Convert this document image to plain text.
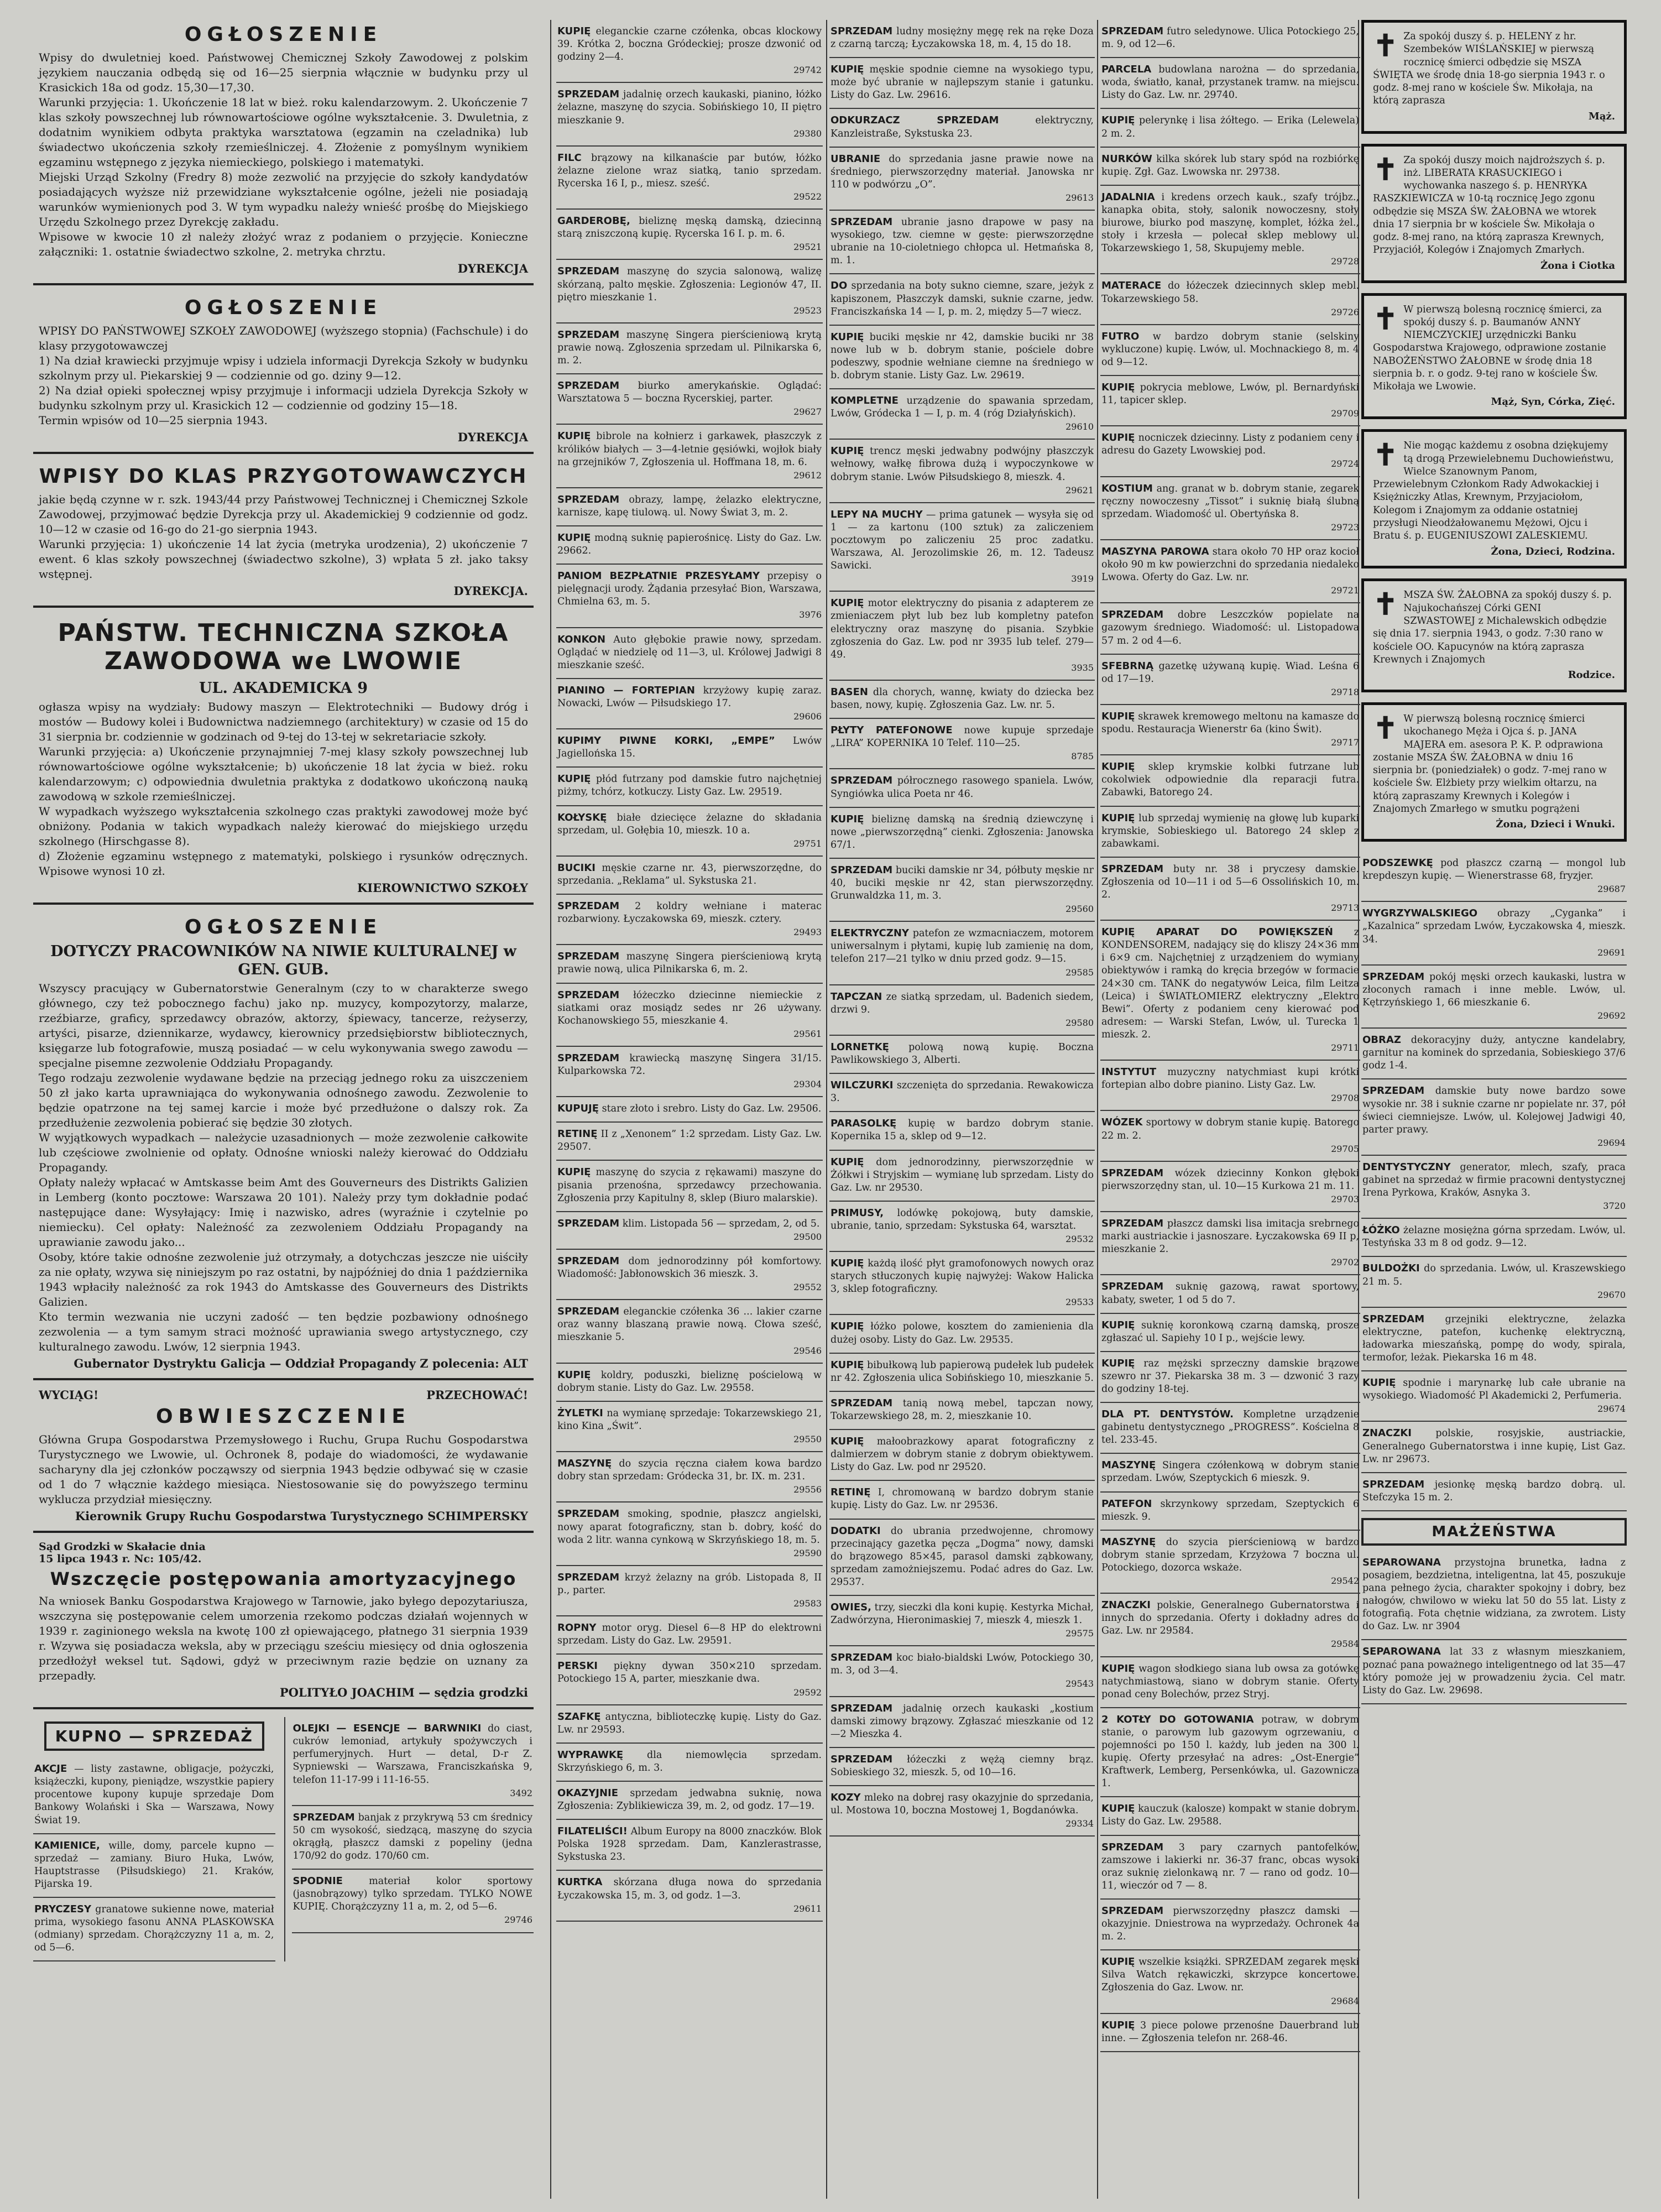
OGŁOSZENIE

Wpisy do dwuletniej koed. Państwowej Chemicznej Szkoły Zawodowej z polskim językiem nauczania odbędą się od 16—25 sierpnia włącznie w budynku przy ul Krasickich 18a od godz. 15,30—17,30.

Warunki przyjęcia: 1. Ukończenie 18 lat w bież. roku kalendarzowym. 2. Ukończenie 7 klas szkoły powszechnej lub równowartościowe ogólne wykształcenie. 3. Dwuletnia, z dodatnim wynikiem odbyta praktyka warsztatowa (egzamin na czeladnika) lub świadectwo ukończenia szkoły rzemieślniczej. 4. Złożenie z pomyślnym wynikiem egzaminu wstępnego z języka niemieckiego, polskiego i matematyki.

Miejski Urząd Szkolny (Fredry 8) może zezwolić na przyjęcie do szkoły kandydatów posiadających wyższe niż przewidziane wykształcenie ogólne, jeżeli nie posiadają warunków wymienionych pod 3. W tym wypadku należy wnieść prośbę do Miejskiego Urzędu Szkolnego przez Dyrekcję zakładu.

Wpisowe w kwocie 10 zł należy złożyć wraz z podaniem o przyjęcie. Konieczne załączniki: 1. ostatnie świadectwo szkolne, 2. metryka chrztu.

DYREKCJA
OGŁOSZENIE

WPISY DO PAŃSTWOWEJ SZKOŁY ZAWODOWEJ (wyższego stopnia) (Fachschule) i do klasy przygotowawczej

1) Na dział krawiecki przyjmuje wpisy i udziela informacji Dyrekcja Szkoły w budynku szkolnym przy ul. Piekarskiej 9 — codziennie od go. dziny 9—12.

2) Na dział opieki społecznej wpisy przyjmuje i informacji udziela Dyrekcja Szkoły w budynku szkolnym przy ul. Krasickich 12 — codziennie od godziny 15—18.

Termin wpisów od 10—25 sierpnia 1943.

DYREKCJA
WPISY DO KLAS PRZYGOTOWAWCZYCH

jakie będą czynne w r. szk. 1943/44 przy Państwowej Technicznej i Chemicznej Szkole Zawodowej, przyjmować będzie Dyrekcja przy ul. Akademickiej 9 codziennie od godz. 10—12 w czasie od 16-go do 21-go sierpnia 1943.

Warunki przyjęcia: 1) ukończenie 14 lat życia (metryka urodzenia), 2) ukończenie 7 ewent. 6 klas szkoły powszechnej (świadectwo szkolne), 3) wpłata 5 zł. jako taksy wstępnej.

DYREKCJA.
PAŃSTW. TECHNICZNA SZKOŁA ZAWODOWA we LWOWIE
UL. AKADEMICKA 9

ogłasza wpisy na wydziały: Budowy maszyn — Elektrotechniki — Budowy dróg i mostów — Budowy kolei i Budownictwa nadziemnego (architektury) w czasie od 15 do 31 sierpnia br. codziennie w godzinach od 9-tej do 13-tej w sekretariacie szkoły.

Warunki przyjęcia: a) Ukończenie przynajmniej 7-mej klasy szkoły powszechnej lub równowartościowe ogólne wykształcenie; b) ukończenie 18 lat życia w bież. roku kalendarzowym; c) odpowiednia dwuletnia praktyka z dodatkowo ukończoną nauką zawodową w szkole rzemieślniczej.

W wypadkach wyższego wykształcenia szkolnego czas praktyki zawodowej może być obniżony. Podania w takich wypadkach należy kierować do miejskiego urzędu szkolnego (Hirschgasse 8).

d) Złożenie egzaminu wstępnego z matematyki, polskiego i rysunków odręcznych. Wpisowe wynosi 10 zł.

KIEROWNICTWO SZKOŁY
OGŁOSZENIE
DOTYCZY PRACOWNIKÓW NA NIWIE KULTURALNEJ w GEN. GUB.

Wszyscy pracujący w Gubernatorstwie Generalnym (czy to w charakterze swego głównego, czy też pobocznego fachu) jako np. muzycy, kompozytorzy, malarze, rzeźbiarze, graficy, sprzedawcy obrazów, aktorzy, śpiewacy, tancerze, reżyserzy, artyści, pisarze, dziennikarze, wydawcy, kierownicy przedsiębiorstw bibliotecznych, księgarze lub fotografowie, muszą posiadać — w celu wykonywania swego zawodu — specjalne pisemne zezwolenie Oddziału Propagandy.

Tego rodzaju zezwolenie wydawane będzie na przeciąg jednego roku za uiszczeniem 50 zł jako karta uprawniająca do wykonywania odnośnego zawodu. Zezwolenie to będzie opatrzone na tej samej karcie i może być przedłużone o dalszy rok. Za przedłużenie zezwolenia pobierać się będzie 30 złotych.

W wyjątkowych wypadkach — należycie uzasadnionych — może zezwolenie całkowite lub częściowe zwolnienie od opłaty. Odnośne wnioski należy kierować do Oddziału Propagandy.

Opłaty należy wpłacać w Amtskasse beim Amt des Gouverneurs des Distrikts Galizien in Lemberg (konto pocztowe: Warszawa 20 101). Należy przy tym dokładnie podać następujące dane: Wysyłający: Imię i nazwisko, adres (wyraźnie i czytelnie po niemiecku). Cel opłaty: Należność za zezwoleniem Oddziału Propagandy na uprawianie zawodu jako...

Osoby, które takie odnośne zezwolenie już otrzymały, a dotychczas jeszcze nie uiściły za nie opłaty, wzywa się niniejszym po raz ostatni, by najpóźniej do dnia 1 października 1943 wpłaciły należność za rok 1943 do Amtskasse des Gouverneurs des Distrikts Galizien.

Kto termin wezwania nie uczyni zadość — ten będzie pozbawiony odnośnego zezwolenia — a tym samym straci możność uprawiania swego artystycznego, czy kulturalnego zawodu. Lwów, 12 sierpnia 1943.

Gubernator Dystryktu Galicja — Oddział Propagandy Z polecenia: ALT
WYCIĄG!	PRZECHOWAĆ!
OBWIESZCZENIE

Główna Grupa Gospodarstwa Przemysłowego i Ruchu, Grupa Ruchu Gospodarstwa Turystycznego we Lwowie, ul. Ochronek 8, podaje do wiadomości, że wydawanie sacharyny dla jej członków począwszy od sierpnia 1943 będzie odbywać się w czasie od 1 do 7 włącznie każdego miesiąca. Niestosowanie się do powyższego terminu wyklucza przydział miesięczny.

Kierownik Grupy Ruchu Gospodarstwa Turystycznego SCHIMPERSKY
Sąd Grodzki w Skałacie dnia 15 lipca 1943 r. Nc: 105/42.
Wszczęcie postępowania amortyzacyjnego

Na wniosek Banku Gospodarstwa Krajowego w Tarnowie, jako byłego depozytariusza, wszczyna się postępowanie celem umorzenia rzekomo podczas działań wojennych w 1939 r. zaginionego weksla na kwotę 100 zł opiewającego, płatnego 31 sierpnia 1939 r. Wzywa się posiadacza weksla, aby w przeciągu sześciu miesięcy od dnia ogłoszenia przedłożył weksel tut. Sądowi, gdyż w przeciwnym razie będzie on uznany za przepadły.

POLITYŁO JOACHIM — sędzia grodzki
KUPNO — SPRZEDAŻ
AKCJE — listy zastawne, obligacje, pożyczki, książeczki, kupony, pieniądze, wszystkie papiery procentowe kupony kupuje sprzedaje Dom Bankowy Wolański i Ska — Warszawa, Nowy Świat 19.
KAMIENICE, wille, domy, parcele kupno — sprzedaż — zamiany. Biuro Huka, Lwów, Hauptstrasse (Piłsudskiego) 21. Kraków, Pijarska 19.
PRYCZESY granatowe sukienne nowe, materiał prima, wysokiego fasonu ANNA PLASKOWSKA (odmiany) sprzedam. Chorążczyzny 11 a, m. 2, od 5—6.
OLEJKI — ESENCJE — BARWNIKI do ciast, cukrów lemoniad, artykuły spożywczych i perfumeryjnych. Hurt — detal, D-r Z. Sypniewski — Warszawa, Franciszkańska 9, telefon 11-17-99 i 11-16-55.
3492
SPRZEDAM banjak z przykrywą 53 cm średnicy 50 cm wysokość, siedzącą, maszynę do szycia okrągłą, płaszcz damski z popeliny (jedna 170/92 do godz. 170/60 cm.
SPODNIE materiał kolor sportowy (jasnobrązowy) tylko sprzedam. TYLKO NOWE KUPIĘ. Chorążczyzny 11 a, m. 2, od 5—6.
29746
KUPIĘ eleganckie czarne czółenka, obcas klockowy 39. Krótka 2, boczna Gródeckiej; prosze dzwonić od godziny 2—4.
29742
SPRZEDAM jadalnię orzech kaukaski, pianino, łóżko żelazne, maszynę do szycia. Sobińskiego 10, II piętro mieszkanie 9.
29380
FILC brązowy na kilkanaście par butów, łóżko żelazne zielone wraz siatką, tanio sprzedam. Rycerska 16 I, p., miesz. sześć.
29522
GARDEROBĘ, bieliznę męską damską, dziecinną starą zniszczoną kupię. Rycerska 16 I. p. m. 6.
29521
SPRZEDAM maszynę do szycia salonową, walizę skórzaną, palto męskie. Zgłoszenia: Legionów 47, II. piętro mieszkanie 1.
29523
SPRZEDAM maszynę Singera pierścieniową krytą prawie nową. Zgłoszenia sprzedam ul. Pilnikarska 6, m. 2.
SPRZEDAM biurko amerykańskie. Oglądać: Warsztatowa 5 — boczna Rycerskiej, parter.
29627
KUPIĘ bibrole na kołnierz i garkawek, płaszczyk z królików białych — 3—4-letnie gęsiówki, wojłok biały na grzejników 7, Zgłoszenia ul. Hoffmana 18, m. 6.
29612
SPRZEDAM obrazy, lampę, żelazko elektryczne, karnisze, kapę tiulową. ul. Nowy Świat 3, m. 2.
KUPIĘ modną suknię papierośnicę. Listy do Gaz. Lw. 29662.
PANIOM BEZPŁATNIE PRZESYŁAMY przepisy o pielęgnacji urody. Żądania przesyłać Bion, Warszawa, Chmielna 63, m. 5.
3976
KONKON Auto głębokie prawie nowy, sprzedam. Oglądać w niedzielę od 11—3, ul. Królowej Jadwigi 8 mieszkanie sześć.
PIANINO — FORTEPIAN krzyżowy kupię zaraz. Nowacki, Lwów — Piłsudskiego 17.
29606
KUPIMY PIWNE KORKI, „EMPE” Lwów Jagiellońska 15.
KUPIĘ płód futrzany pod damskie futro najchętniej piżmy, tchórz, kotkuczy. Listy Gaz. Lw. 29519.
KOŁYSKĘ białe dziecięce żelazne do składania sprzedam, ul. Gołębia 10, mieszk. 10 a.
29751
BUCIKI męskie czarne nr. 43, pierwszorzędne, do sprzedania. „Reklama” ul. Sykstuska 21.
SPRZEDAM 2 koldry wełniane i materac rozbarwiony. Łyczakowska 69, mieszk. cztery.
29493
SPRZEDAM maszynę Singera pierścieniową krytą prawie nową, ulica Pilnikarska 6, m. 2.
SPRZEDAM łóżeczko dziecinne niemieckie z siatkami oraz mosiądz sedes nr 26 używany. Kochanowskiego 55, mieszkanie 4.
29561
SPRZEDAM krawiecką maszynę Singera 31/15. Kulparkowska 72.
29304
KUPUJĘ stare złoto i srebro. Listy do Gaz. Lw. 29506.
RETINĘ II z „Xenonem” 1:2 sprzedam. Listy Gaz. Lw. 29507.
KUPIĘ maszynę do szycia z rękawami) maszyne do pisania przenośna, sprzedawcy przechowania. Zgłoszenia przy Kapitulny 8, sklep (Biuro malarskie).
SPRZEDAM klim. Listopada 56 — sprzedam, 2, od 5.
29500
SPRZEDAM dom jednorodzinny pół komfortowy. Wiadomość: Jabłonowskich 36 mieszk. 3.
29552
SPRZEDAM eleganckie czółenka 36 ... lakier czarne oraz wanny blaszaną prawie nową. Cłowa sześć, mieszkanie 5.
29546
KUPIĘ koldry, poduszki, bieliznę pościelową w dobrym stanie. Listy do Gaz. Lw. 29558.
ŻYLETKI na wymianę sprzedaje: Tokarzewskiego 21, kino Kina „Świt”.
29550
MASZYNĘ do szycia ręczna ciałem kowa bardzo dobry stan sprzedam: Gródecka 31, br. IX. m. 231.
29556
SPRZEDAM smoking, spodnie, płaszcz angielski, nowy aparat fotograficzny, stan b. dobry, kość do woda 2 litr. wanna cynkową w Skrzyńskiego 18, m. 5.
29590
SPRZEDAM krzyż żelazny na grób. Listopada 8, II p., parter.
29583
ROPNY motor oryg. Diesel 6—8 HP do elektrowni sprzedam. Listy do Gaz. Lw. 29591.
PERSKI piękny dywan 350×210 sprzedam. Potockiego 15 A, parter, mieszkanie dwa.
29592
SZAFKĘ antyczna, biblioteczkę kupię. Listy do Gaz. Lw. nr 29593.
WYPRAWKĘ dla niemowlęcia sprzedam. Skrzyńskiego 6, m. 3.
OKAZYJNIE sprzedam jedwabna suknię, nowa Zgłoszenia: Zyblikiewicza 39, m. 2, od godz. 17—19.
FILATELIŚCI! Album Europy na 8000 znaczków. Blok Polska 1928 sprzedam. Dam, Kanzlerastrasse, Sykstuska 23.
KURTKA skórzana długa nowa do sprzedania Łyczakowska 15, m. 3, od godz. 1—3.
29611
SPRZEDAM ludny mosiężny męgę rek na ręke Doza z czarną tarczą; Łyczakowska 18, m. 4, 15 do 18.
KUPIĘ męskie spodnie ciemne na wysokiego typu, może być ubranie w najlepszym stanie i gatunku. Listy do Gaz. Lw. 29616.
ODKURZACZ SPRZEDAM elektryczny, Kanzleistraße, Sykstuska 23.
UBRANIE do sprzedania jasne prawie nowe na średniego, pierwszorzędny materiał. Janowska nr 110 w podwórzu „O”.
29613
SPRZEDAM ubranie jasno drapowe w pasy na wysokiego, tzw. ciemne w gęste: pierwszorzędne ubranie na 10-cioletniego chłopca ul. Hetmańska 8, m. 1.
DO sprzedania na boty sukno ciemne, szare, jeżyk z kapiszonem, Płaszczyk damski, suknie czarne, jedw. Franciszkańska 14 — I, p. m. 2, między 5—7 wiecz.
KUPIĘ buciki męskie nr 42, damskie buciki nr 38 nowe lub w b. dobrym stanie, pościele dobre podeszwy, spodnie wełniane ciemne na średniego w b. dobrym stanie. Listy Gaz. Lw. 29619.
KOMPLETNE urządzenie do spawania sprzedam, Lwów, Gródecka 1 — I, p. m. 4 (róg Działyńskich).
29610
KUPIĘ trencz męski jedwabny podwójny płaszczyk wełnowy, wałkę fibrowa dużą i wypoczynkowe w dobrym stanie. Lwów Piłsudskiego 8, mieszk. 4.
29621
LEPY NA MUCHY — prima gatunek — wysyła się od 1 — za kartonu (100 sztuk) za zaliczeniem pocztowym po zaliczeniu 25 proc zadatku. Warszawa, Al. Jerozolimskie 26, m. 12. Tadeusz Sawicki.
3919
KUPIĘ motor elektryczny do pisania z adapterem ze zmieniaczem płyt lub bez lub kompletny patefon elektryczny oraz maszynę do pisania. Szybkie zgłoszenia do Gaz. Lw. pod nr 3935 lub telef. 279—49.
3935
BASEN dla chorych, wannę, kwiaty do dziecka bez basen, nowy, kupię. Zgłoszenia Gaz. Lw. nr. 5.
PŁYTY PATEFONOWE nowe kupuje sprzedaje „LIRA” KOPERNIKA 10 Telef. 110—25.
8785
SPRZEDAM półrocznego rasowego spaniela. Lwów, Syngiówka ulica Poeta nr 46.
KUPIĘ bieliznę damską na średnią dziewczynę i nowe „pierwszorzędną” cienki. Zgłoszenia: Janowska 67/1.
SPRZEDAM buciki damskie nr 34, półbuty męskie nr 40, buciki męskie nr 42, stan pierwszorzędny. Grunwaldzka 11, m. 3.
29560
ELEKTRYCZNY patefon ze wzmacniaczem, motorem uniwersalnym i płytami, kupię lub zamienię na dom, telefon 217—21 tylko w dniu przed godz. 9—15.
29585
TAPCZAN ze siatką sprzedam, ul. Badenich siedem, drzwi 9.
29580
LORNETKĘ polową nową kupię. Boczna Pawlikowskiego 3, Alberti.
WILCZURKI szczenięta do sprzedania. Rewakowicza 3.
PARASOLKĘ kupię w bardzo dobrym stanie. Kopernika 15 a, sklep od 9—12.
KUPIĘ dom jednorodzinny, pierwszorzędnie w Żółkwi i Stryjskim — wymianę lub sprzedam. Listy do Gaz. Lw. nr 29530.
PRIMUSY, lodówkę pokojową, buty damskie, ubranie, tanio, sprzedam: Sykstuska 64, warsztat.
29532
KUPIĘ każdą ilość płyt gramofonowych nowych oraz starych stłuczonych kupię najwyżej: Wakow Halicka 3, sklep fotograficzny.
29533
KUPIĘ łóżko polowe, kosztem do zamienienia dla dużej osoby. Listy do Gaz. Lw. 29535.
KUPIĘ bibułkową lub papierową pudełek lub pudełek nr 42. Zgłoszenia ulica Sobińskiego 10, mieszkanie 5.
SPRZEDAM tanią nową mebel, tapczan nowy, Tokarzewskiego 28, m. 2, mieszkanie 10.
KUPIĘ małoobrazkowy aparat fotograficzny z dalmierzem w dobrym stanie z dobrym obiektywem. Listy do Gaz. Lw. pod nr 29520.
RETINĘ I, chromowaną w bardzo dobrym stanie kupię. Listy do Gaz. Lw. nr 29536.
DODATKI do ubrania przedwojenne, chromowy przecinający gazetka pęcza „Dogma” nowy, damski do brązowego 85×45, parasol damski ząbkowany, sprzedam zamożniejszemu. Podać adres do Gaz. Lw. 29537.
OWIES, trzy, sieczki dla koni kupię. Kestyrka Michał, Zadwórzyna, Hieronimaskiej 7, mieszk 4, mieszk 1.
29575
SPRZEDAM koc biało-bialdski Lwów, Potockiego 30, m. 3, od 3—4.
29543
SPRZEDAM jadalnię orzech kaukaski „kostium damski zimowy brązowy. Zgłaszać mieszkanie od 12—2 Mieszka 4.
SPRZEDAM łóżeczki z wężą ciemny brąz. Sobieskiego 32, mieszk. 5, od 10—16.
KOZY mleko na dobrej rasy okazyjnie do sprzedania, ul. Mostowa 10, boczna Mostowej 1, Bogdanówka.
29334
SPRZEDAM futro seledynowe. Ulica Potockiego 25, m. 9, od 12—6.
PARCELA budowlana narożna — do sprzedania, woda, światło, kanał, przystanek tramw. na miejscu. Listy do Gaz. Lw. nr. 29740.
KUPIĘ pelerynkę i lisa żółtego. — Erika (Lelewela) 2 m. 2.
NURKÓW kilka skórek lub stary spód na rozbiórkę kupię. Zgł. Gaz. Lwowska nr. 29738.
JADALNIA i kredens orzech kauk., szafy trójbz., kanapka obita, stoły, salonik nowoczesny, stoły biurowe, biurko pod maszynę, komplet, łóżka żel., stoły i krzesła — polecał sklep meblowy ul. Tokarzewskiego 1, 58, Skupujemy meble.
29728
MATERACE do łóżeczek dziecinnych sklep mebl. Tokarzewskiego 58.
29726
FUTRO w bardzo dobrym stanie (selskiny wykluczone) kupię. Lwów, ul. Mochnackiego 8, m. 4 od 9—12.
KUPIĘ pokrycia meblowe, Lwów, pl. Bernardyński 11, tapicer sklep.
29709
KUPIĘ nocniczek dziecinny. Listy z podaniem ceny i adresu do Gazety Lwowskiej pod.
29724
KOSTIUM ang. granat w b. dobrym stanie, zegarek ręczny nowoczesny „Tissot” i suknię białą ślubną sprzedam. Wiadomość ul. Obertyńska 8.
29723
MASZYNA PAROWA stara około 70 HP oraz kocioł około 90 m kw powierzchni do sprzedania niedaleko Lwowa. Oferty do Gaz. Lw. nr.
29721
SPRZEDAM dobre Leszczków popielate na gazowym średniego. Wiadomość: ul. Listopadowa 57 m. 2 od 4—6.
SFEBRNĄ gazetkę używaną kupię. Wiad. Leśna 6 od 17—19.
29718
KUPIĘ skrawek kremowego meltonu na kamasze do spodu. Restauracja Wienerstr 6a (kino Świt).
29717
KUPIĘ sklep krymskie kolbki futrzane lub cokolwiek odpowiednie dla reparacji futra. Zabawki, Batorego 24.
KUPIĘ lub sprzedaj wymienię na głowę lub kuparki krymskie, Sobieskiego ul. Batorego 24 sklep z zabawkami.
SPRZEDAM buty nr. 38 i pryczesy damskie. Zgłoszenia od 10—11 i od 5—6 Ossolińskich 10, m. 2.
29713
KUPIĘ APARAT DO POWIĘKSZEŃ z KONDENSOREM, nadający się do kliszy 24×36 mm i 6×9 cm. Najchętniej z urządzeniem do wymiany obiektywów i ramką do kręcia brzegów w formacie 24×30 cm. TANK do negatywów Leica, film Leitza (Leica) i ŚWIATŁOMIERZ elektryczny „Elektro Bewi”. Oferty z podaniem ceny kierować pod adresem: — Warski Stefan, Lwów, ul. Turecka 1 mieszk. 2.
29711
INSTYTUT muzyczny natychmiast kupi krótki fortepian albo dobre pianino. Listy Gaz. Lw.
29708
WÓZEK sportowy w dobrym stanie kupię. Batorego 22 m. 2.
29705
SPRZEDAM wózek dziecinny Konkon głęboki pierwszorzędny stan, ul. 10—15 Kurkowa 21 m. 11.
29703
SPRZEDAM płaszcz damski lisa imitacja srebrnego marki austriackie i jasnoszare. Łyczakowska 69 II p, mieszkanie 2.
29702
SPRZEDAM suknię gazową, rawat sportowy, kabaty, sweter, 1 od 5 do 7.
KUPIĘ suknię koronkową czarną damską, prosze zgłaszać ul. Sapiehy 10 I p., wejście lewy.
KUPIĘ raz mężski sprzeczny damskie brązowe szewro nr 37. Piekarska 38 m. 3 — dzwonić 3 razy do godziny 18-tej.
DLA PT. DENTYSTÓW. Kompletne urządzenie gabinetu dentystycznego „PROGRESS”. Kościelna 8 tel. 233-45.
MASZYNĘ Singera czółenkową w dobrym stanie sprzedam. Lwów, Szeptyckich 6 mieszk. 9.
PATEFON skrzynkowy sprzedam, Szeptyckich 6 mieszk. 9.
MASZYNĘ do szycia pierścieniową w bardzo dobrym stanie sprzedam, Krzyżowa 7 boczna ul. Potockiego, dozorca wskaże.
29542
ZNACZKI polskie, Generalnego Gubernatorstwa i innych do sprzedania. Oferty i dokładny adres do Gaz. Lw. nr 29584.
29584
KUPIĘ wagon słodkiego siana lub owsa za gotówkę natychmiastową, siano w dobrym stanie. Oferty ponad ceny Bolechów, przez Stryj.
2 KOTŁY DO GOTOWANIA potraw, w dobrym stanie, o parowym lub gazowym ogrzewaniu, o pojemności po 150 l. każdy, lub jeden na 300 l. kupię. Oferty przesyłać na adres: „Ost-Energie” Kraftwerk, Lemberg, Persenkówka, ul. Gazownicza 1.
KUPIĘ kauczuk (kalosze) kompakt w stanie dobrym. Listy do Gaz. Lw. 29588.
SPRZEDAM 3 pary czarnych pantofelków, zamszowe i lakierki nr. 36-37 franc, obcas wysoki oraz suknię zielonkawą nr. 7 — rano od godz. 10—11, wieczór od 7 — 8.
SPRZEDAM pierwszorzędny płaszcz damski — okazyjnie. Dniestrowa na wyprzedaży. Ochronek 4a m. 2.
KUPIĘ wszelkie książki. SPRZEDAM zegarek męski Silva Watch rękawiczki, skrzypce koncertowe. Zgłoszenia do Gaz. Lwow. nr.
29684
KUPIĘ 3 piece polowe przenośne Dauerbrand lub inne. — Zgłoszenia telefon nr. 268-46.
✝ Za spokój duszy ś. p. HELENY z hr. Szembeków WIŚLAŃSKIEJ w pierwszą rocznicę śmierci odbędzie się MSZA ŚWIĘTA we środę dnia 18-go sierpnia 1943 r. o godz. 8-mej rano w kościele Św. Mikołaja, na którą zaprasza
Mąż.
✝ Za spokój duszy moich najdroższych ś. p. inż. LIBERATA KRASUCKIEGO i wychowanka naszego ś. p. HENRYKA RASZKIEWICZA w 10-tą rocznicę Jego zgonu odbędzie się MSZA ŚW. ŻAŁOBNA we wtorek dnia 17 sierpnia br w kościele Św. Mikołaja o godz. 8-mej rano, na którą zaprasza Krewnych, Przyjaciół, Kolegów i Znajomych Zmarłych.
Żona i Ciotka
✝ W pierwszą bolesną rocznicę śmierci, za spokój duszy ś. p. Baumanów ANNY NIEMCZYCKIEJ urzędniczki Banku Gospodarstwa Krajowego, odprawione zostanie NABOŻEŃSTWO ŻAŁOBNE w środę dnia 18 sierpnia b. r. o godz. 9-tej rano w kościele Św. Mikołaja we Lwowie.
Mąż, Syn, Córka, Zięć.
✝ Nie mogąc każdemu z osobna dziękujemy tą drogą Przewielebnemu Duchowieństwu, Wielce Szanownym Panom, Przewielebnym Członkom Rady Adwokackiej i Księżniczky Atlas, Krewnym, Przyjaciołom, Kolegom i Znajomym za oddanie ostatniej przysługi Nieodżałowanemu Mężowi, Ojcu i Bratu ś. p. EUGENIUSZOWI ZALESKIEMU.
Żona, Dzieci, Rodzina.
✝ MSZA ŚW. ŻAŁOBNA za spokój duszy ś. p. Najukochańszej Córki GENI SZWASTOWEJ z Michalewskich odbędzie się dnia 17. sierpnia 1943, o godz. 7:30 rano w kościele OO. Kapucynów na którą zaprasza Krewnych i Znajomych
Rodzice.
✝ W pierwszą bolesną rocznicę śmierci ukochanego Męża i Ojca ś. p. JANA MAJERA em. asesora P. K. P. odprawiona zostanie MSZA ŚW. ŻAŁOBNA w dniu 16 sierpnia br. (poniedziałek) o godz. 7-mej rano w kościele Św. Elżbiety przy wielkim ołtarzu, na którą zapraszamy Krewnych i Kolegów i Znajomych Zmarłego w smutku pogrążeni
Żona, Dzieci i Wnuki.
PODSZEWKĘ pod płaszcz czarną — mongol lub krepdeszyn kupię. — Wienerstrasse 68, fryzjer.
29687
WYGRZYWALSKIEGO obrazy „Cyganka” i „Kazalnica” sprzedam Lwów, Łyczakowska 4, mieszk. 34.
29691
SPRZEDAM pokój męski orzech kaukaski, lustra w złoconych ramach i inne meble. Lwów, ul. Kętrzyńskiego 1, 66 mieszkanie 6.
29692
OBRAZ dekoracyjny duży, antyczne kandelabry, garnitur na kominek do sprzedania, Sobieskiego 37/6 godz 1-4.
SPRZEDAM damskie buty nowe bardzo sowe wysokie nr. 38 i suknie czarne nr popielate nr. 37, pół świeci ciemniejsze. Lwów, ul. Kolejowej Jadwigi 40, parter prawy.
29694
DENTYSTYCZNY generator, mlech, szafy, praca gabinet na sprzedaż w firmie pracowni dentystycznej Irena Pyrkowa, Kraków, Asnyka 3.
3720
ŁÓŻKO żelazne mosiężna górna sprzedam. Lwów, ul. Testyńska 33 m 8 od godz. 9—12.
BULDOŻKI do sprzedania. Lwów, ul. Kraszewskiego 21 m. 5.
29670
SPRZEDAM grzejniki elektryczne, żelazka elektryczne, patefon, kuchenkę elektryczną, ładowarka mieszańską, pompę do wody, spirala, termofor, leżak. Piekarska 16 m 48.
KUPIĘ spodnie i marynarkę lub całe ubranie na wysokiego. Wiadomość Pl Akademicki 2, Perfumeria.
29674
ZNACZKI polskie, rosyjskie, austriackie, Generalnego Gubernatorstwa i inne kupię, List Gaz. Lw. nr 29673.
SPRZEDAM jesionkę męską bardzo dobrą. ul. Stefczyka 15 m. 2.
MAŁŻEŃSTWA
SEPAROWANA przystojna brunetka, ładna z posagiem, bezdzietna, inteligentna, lat 45, poszukuje pana pełnego życia, charakter spokojny i dobry, bez nałogów, chwilowo w wieku lat 50 do 55 lat. Listy z fotografią. Fota chętnie widziana, za zwrotem. Listy do Gaz. Lw. nr 3904
SEPAROWANA lat 33 z własnym mieszkaniem, poznać pana poważnego inteligentnego od lat 35—47 który pomoże jej w prowadzeniu życia. Cel matr. Listy do Gaz. Lw. 29698.
